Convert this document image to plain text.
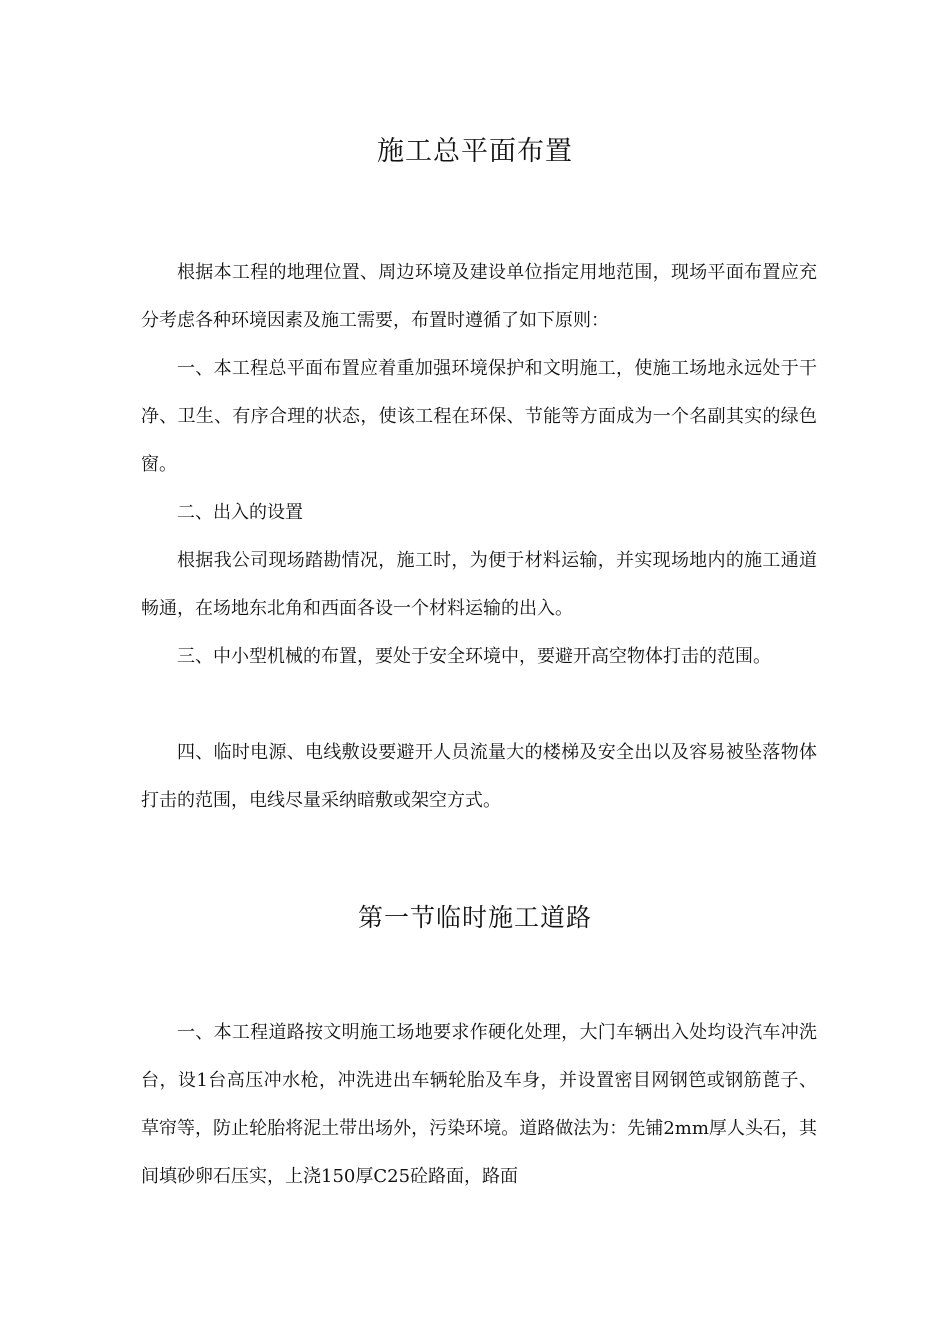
施工总平面布置

根据本工程的地理位置、周边环境及建设单位指定用地范围，现场平面布置应充分考虑各种环境因素及施工需要，布置时遵循了如下原则：

一、本工程总平面布置应着重加强环境保护和文明施工，使施工场地永远处于干净、卫生、有序合理的状态，使该工程在环保、节能等方面成为一个名副其实的绿色窗。

二、出入的设置

根据我公司现场踏勘情况，施工时，为便于材料运输，并实现场地内的施工通道畅通，在场地东北角和西面各设一个材料运输的出入。

三、中小型机械的布置，要处于安全环境中，要避开高空物体打击的范围。

四、临时电源、电线敷设要避开人员流量大的楼梯及安全出以及容易被坠落物体打击的范围，电线尽量采纳暗敷或架空方式。

第一节临时施工道路

一、本工程道路按文明施工场地要求作硬化处理，大门车辆出入处均设汽车冲洗台，设1台高压冲水枪，冲洗进出车辆轮胎及车身，并设置密目网钢笆或钢筋蓖子、草帘等，防止轮胎将泥土带出场外，污染环境。道路做法为：先铺2mm厚人头石，其间填砂卵石压实，上浇150厚C25砼路面，路面
